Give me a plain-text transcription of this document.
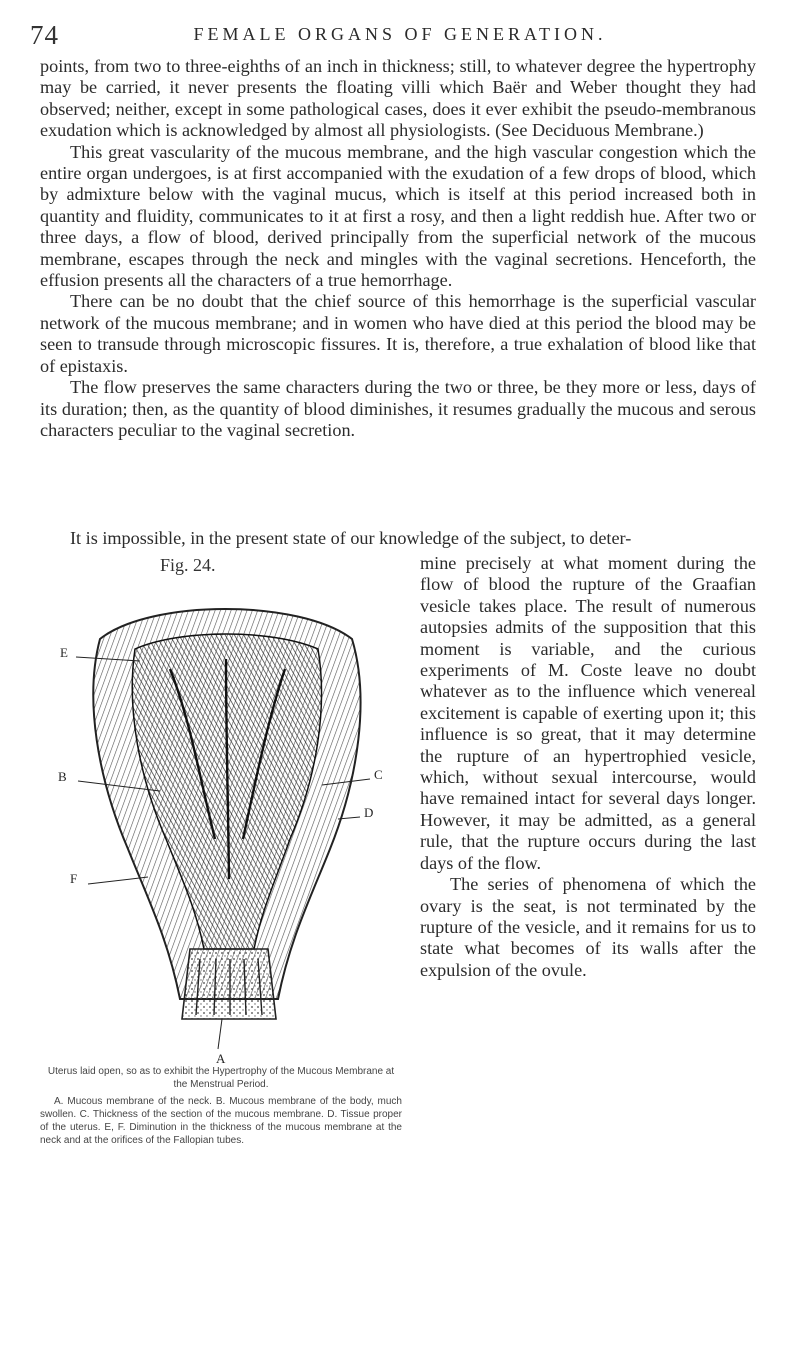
74	FEMALE ORGANS OF GENERATION.

points, from two to three-eighths of an inch in thickness; still, to whatever degree the hypertrophy may be carried, it never presents the floating villi which Baër and Weber thought they had observed; neither, except in some pathological cases, does it ever exhibit the pseudo-membranous exudation which is acknowledged by almost all physiologists. (See Deciduous Membrane.)

This great vascularity of the mucous membrane, and the high vascular congestion which the entire organ undergoes, is at first accompanied with the exudation of a few drops of blood, which by admixture below with the vaginal mucus, which is itself at this period increased both in quantity and fluidity, communicates to it at first a rosy, and then a light reddish hue. After two or three days, a flow of blood, derived principally from the superficial network of the mucous membrane, escapes through the neck and mingles with the vaginal secretions. Henceforth, the effusion presents all the characters of a true hemorrhage.

There can be no doubt that the chief source of this hemorrhage is the superficial vascular network of the mucous membrane; and in women who have died at this period the blood may be seen to transude through microscopic fissures. It is, therefore, a true exhalation of blood like that of epistaxis.

The flow preserves the same characters during the two or three, be they more or less, days of its duration; then, as the quantity of blood diminishes, it resumes gradually the mucous and serous characters peculiar to the vaginal secretion.

It is impossible, in the present state of our knowledge of the subject, to deter-
Fig. 24.
E
B	C
D
F
A

Uterus laid open, so as to exhibit the Hypertrophy of the Mucous Membrane at the Menstrual Period.

A. Mucous membrane of the neck. B. Mucous membrane of the body, much swollen. C. Thickness of the section of the mucous membrane. D. Tissue proper of the uterus. E, F. Diminution in the thickness of the mucous membrane at the neck and at the orifices of the Fallopian tubes.

mine precisely at what moment during the flow of blood the rupture of the Graafian vesicle takes place. The result of numerous autopsies admits of the supposition that this moment is variable, and the curious experiments of M. Coste leave no doubt whatever as to the influence which venereal excitement is capable of exerting upon it; this influence is so great, that it may determine the rupture of an hypertrophied vesicle, which, without sexual intercourse, would have remained intact for several days longer. However, it may be admitted, as a general rule, that the rupture occurs during the last days of the flow.

The series of phenomena of which the ovary is the seat, is not terminated by the rupture of the vesicle, and it remains for us to state what becomes of its walls after the expulsion of the ovule.
